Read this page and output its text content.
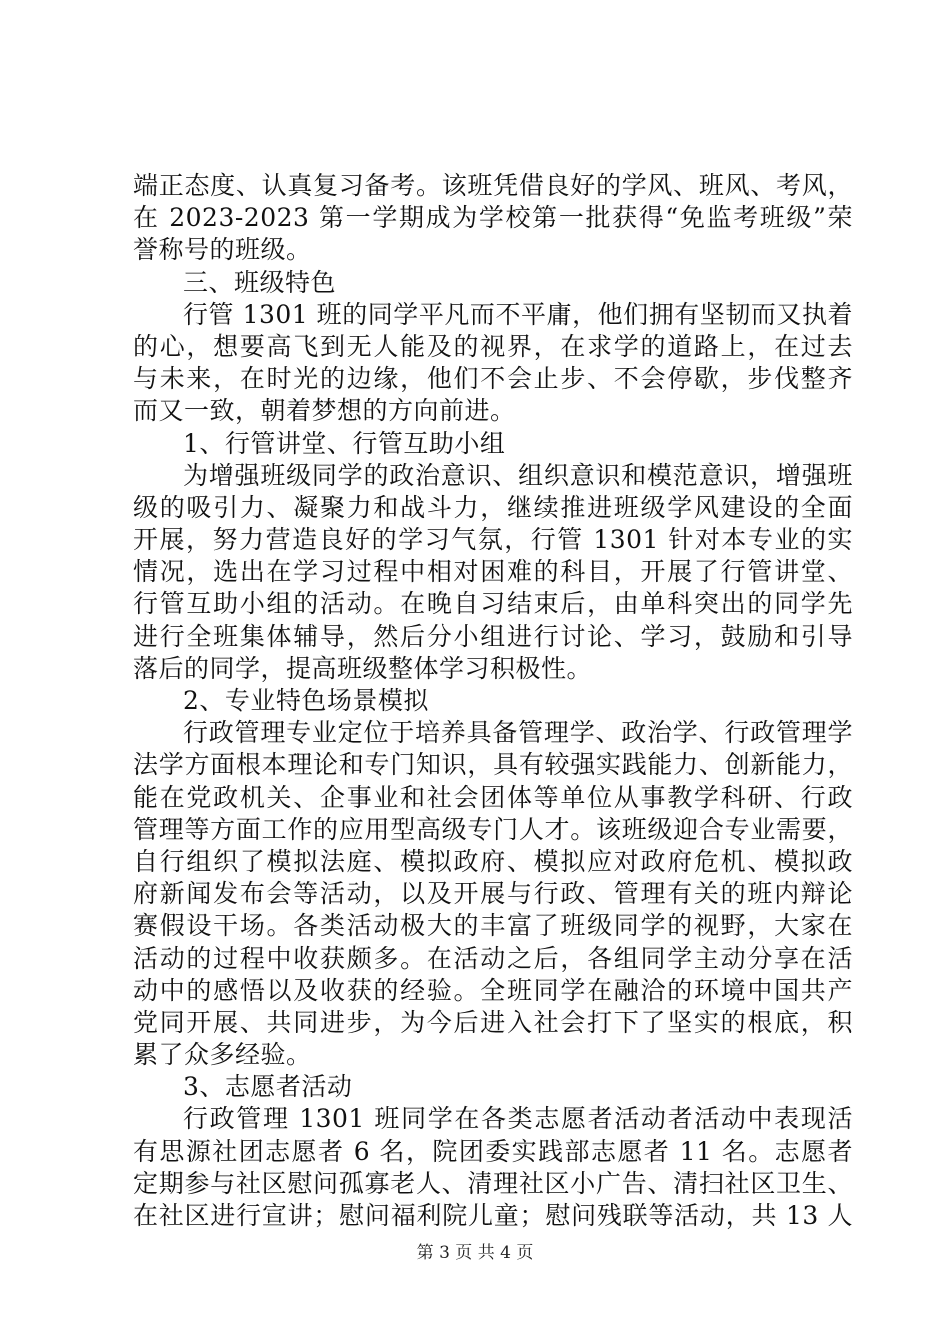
端正态度、认真复习备考。该班凭借良好的学风、班风、考风，
在 2023-2023 第一学期成为学校第一批获得“免监考班级”荣
誉称号的班级。
三、班级特色
行管 1301 班的同学平凡而不平庸，他们拥有坚韧而又执着
的心，想要高飞到无人能及的视界，在求学的道路上，在过去
与未来，在时光的边缘，他们不会止步、不会停歇，步伐整齐
而又一致，朝着梦想的方向前进。
1、行管讲堂、行管互助小组
为增强班级同学的政治意识、组织意识和模范意识，增强班
级的吸引力、凝聚力和战斗力，继续推进班级学风建设的全面
开展，努力营造良好的学习气氛，行管 1301 针对本专业的实
情况，选出在学习过程中相对困难的科目，开展了行管讲堂、
行管互助小组的活动。在晚自习结束后，由单科突出的同学先
进行全班集体辅导，然后分小组进行讨论、学习，鼓励和引导
落后的同学，提高班级整体学习积极性。
2、专业特色场景模拟
行政管理专业定位于培养具备管理学、政治学、行政管理学
法学方面根本理论和专门知识，具有较强实践能力、创新能力，
能在党政机关、企事业和社会团体等单位从事教学科研、行政
管理等方面工作的应用型高级专门人才。该班级迎合专业需要，
自行组织了模拟法庭、模拟政府、模拟应对政府危机、模拟政
府新闻发布会等活动，以及开展与行政、管理有关的班内辩论
赛假设干场。各类活动极大的丰富了班级同学的视野，大家在
活动的过程中收获颇多。在活动之后，各组同学主动分享在活
动中的感悟以及收获的经验。全班同学在融洽的环境中国共产
党同开展、共同进步，为今后进入社会打下了坚实的根底，积
累了众多经验。
3、志愿者活动
行政管理 1301 班同学在各类志愿者活动者活动中表现活
有思源社团志愿者 6 名，院团委实践部志愿者 11 名。志愿者
定期参与社区慰问孤寡老人、清理社区小广告、清扫社区卫生、
在社区进行宣讲；慰问福利院儿童；慰问残联等活动，共 13 人
第 3 页 共 4 页
